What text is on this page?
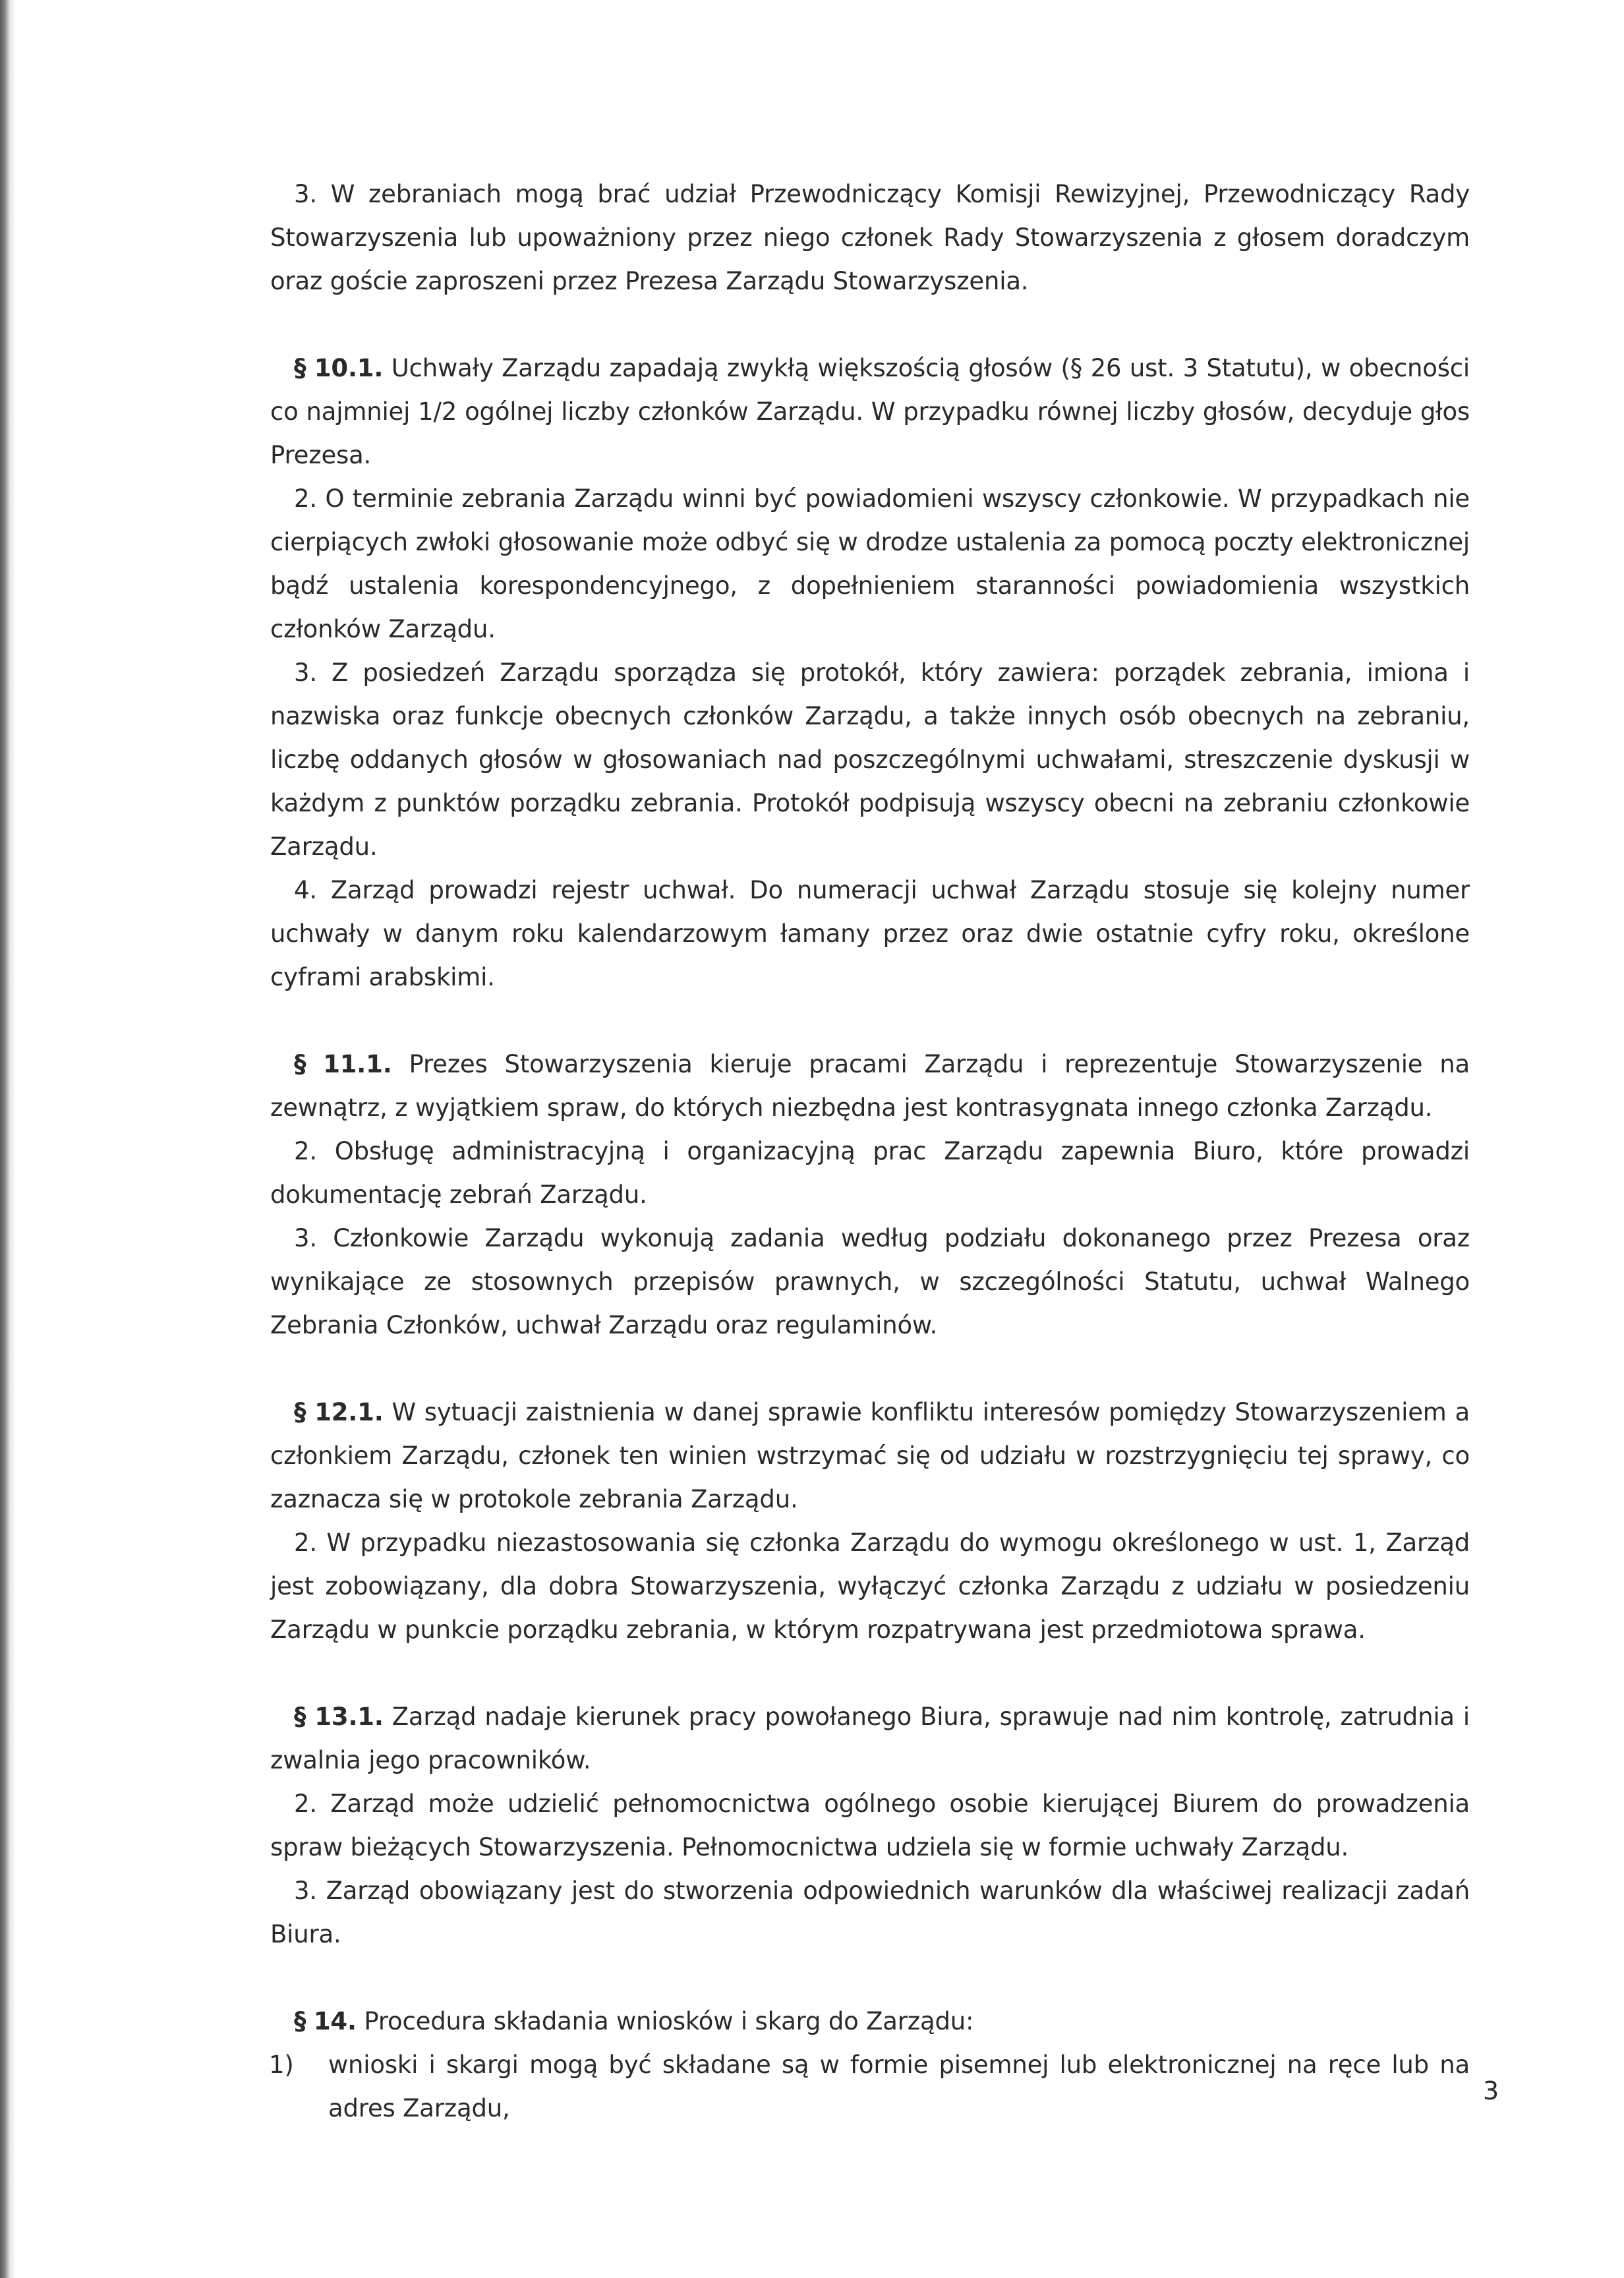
3. W zebraniach mogą brać udział Przewodniczący Komisji Rewizyjnej, Przewodniczący Rady Stowarzyszenia lub upoważniony przez niego członek Rady Stowarzyszenia z głosem doradczym oraz goście zaproszeni przez Prezesa Zarządu Stowarzyszenia.

§ 10.1. Uchwały Zarządu zapadają zwykłą większością głosów (§ 26 ust. 3 Statutu), w obecności co najmniej 1/2 ogólnej liczby członków Zarządu. W przypadku równej liczby głosów, decyduje głos Prezesa.

2. O terminie zebrania Zarządu winni być powiadomieni wszyscy członkowie. W przypadkach nie cierpiących zwłoki głosowanie może odbyć się w drodze ustalenia za pomocą poczty elektronicznej bądź ustalenia korespondencyjnego, z dopełnieniem staranności powiadomienia wszystkich członków Zarządu.

3. Z posiedzeń Zarządu sporządza się protokół, który zawiera: porządek zebrania, imiona i nazwiska oraz funkcje obecnych członków Zarządu, a także innych osób obecnych na zebraniu, liczbę oddanych głosów w głosowaniach nad poszczególnymi uchwałami, streszczenie dyskusji w każdym z punktów porządku zebrania. Protokół podpisują wszyscy obecni na zebraniu członkowie Zarządu.

4. Zarząd prowadzi rejestr uchwał. Do numeracji uchwał Zarządu stosuje się kolejny numer uchwały w danym roku kalendarzowym łamany przez oraz dwie ostatnie cyfry roku, określone cyframi arabskimi.

§ 11.1. Prezes Stowarzyszenia kieruje pracami Zarządu i reprezentuje Stowarzyszenie na zewnątrz, z wyjątkiem spraw, do których niezbędna jest kontrasygnata innego członka Zarządu.

2. Obsługę administracyjną i organizacyjną prac Zarządu zapewnia Biuro, które prowadzi dokumentację zebrań Zarządu.

3. Członkowie Zarządu wykonują zadania według podziału dokonanego przez Prezesa oraz wynikające ze stosownych przepisów prawnych, w szczególności Statutu, uchwał Walnego Zebrania Członków, uchwał Zarządu oraz regulaminów.

§ 12.1. W sytuacji zaistnienia w danej sprawie konfliktu interesów pomiędzy Stowarzyszeniem a członkiem Zarządu, członek ten winien wstrzymać się od udziału w rozstrzygnięciu tej sprawy, co zaznacza się w protokole zebrania Zarządu.

2. W przypadku niezastosowania się członka Zarządu do wymogu określonego w ust. 1, Zarząd jest zobowiązany, dla dobra Stowarzyszenia, wyłączyć członka Zarządu z udziału w posiedzeniu Zarządu w punkcie porządku zebrania, w którym rozpatrywana jest przedmiotowa sprawa.

§ 13.1. Zarząd nadaje kierunek pracy powołanego Biura, sprawuje nad nim kontrolę, zatrudnia i zwalnia jego pracowników.

2. Zarząd może udzielić pełnomocnictwa ogólnego osobie kierującej Biurem do prowadzenia spraw bieżących Stowarzyszenia. Pełnomocnictwa udziela się w formie uchwały Zarządu.

3. Zarząd obowiązany jest do stworzenia odpowiednich warunków dla właściwej realizacji zadań Biura.

§ 14. Procedura składania wniosków i skarg do Zarządu:

1) wnioski i skargi mogą być składane są w formie pisemnej lub elektronicznej na ręce lub na adres Zarządu,

3
